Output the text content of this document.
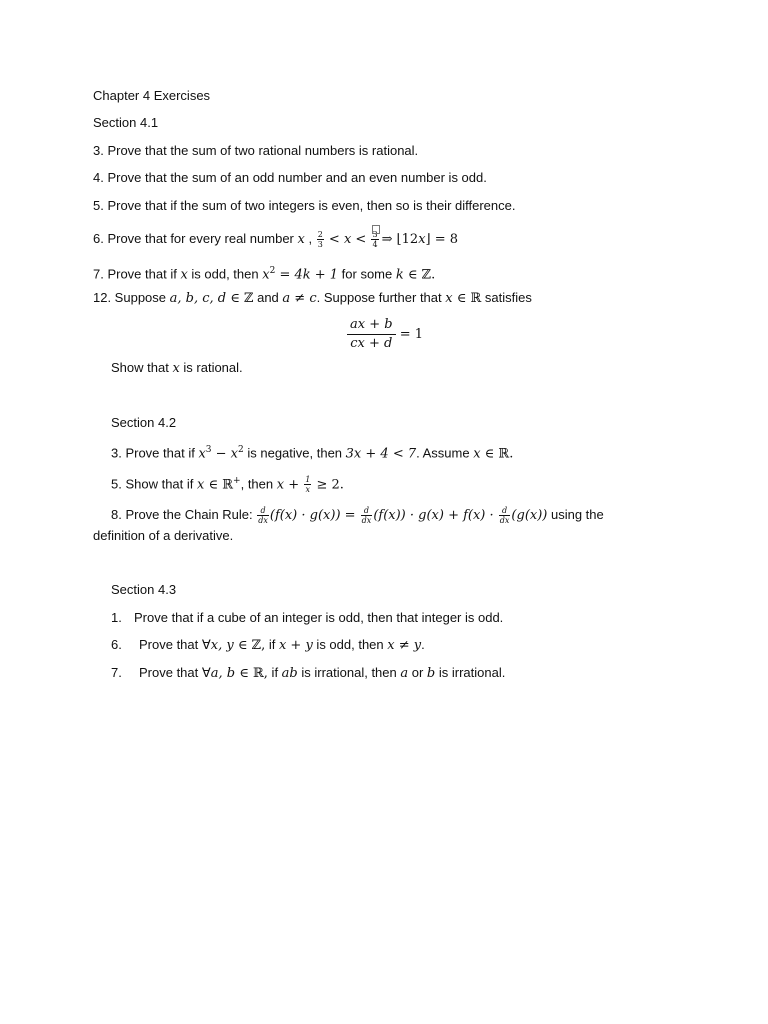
Chapter 4 Exercises
Section 4.1
3. Prove that the sum of two rational numbers is rational.
4. Prove that the sum of an odd number and an even number is odd.
5. Prove that if the sum of two integers is even, then so is their difference.
6. Prove that for every real number x , $\frac{2}{3} < x < \frac{3}{4}$ ⇒ ⌊12x⌋ = 8
7. Prove that if x is odd, then $x^2 = 4k + 1$ for some k ∈ ℤ.
12. Suppose a, b, c, d ∈ ℤ and a ≠ c. Suppose further that x ∈ ℝ satisfies
$\frac{ax + b}{cx + d} = 1$
Show that x is rational.
Section 4.2
3. Prove that if $x^3 - x^2$ is negative, then 3x + 4 < 7. Assume x ∈ ℝ.
5. Show that if x ∈ ℝ+, then $x + \frac{1}{x} \ge 2$.
8. Prove the Chain Rule: $\frac{d}{dx} (f(x) \cdot g(x)) = \frac{d}{dx} (f(x)) \cdot g(x) + f(x) \cdot \frac{d}{dx} (g(x))$ using the
definition of a derivative.
Section 4.3
1. Prove that if a cube of an integer is odd, then that integer is odd.
6. Prove that ∀x, y ∈ ℤ, if x + y is odd, then x ≠ y.
7. Prove that ∀a, b ∈ ℝ, if ab is irrational, then a or b is irrational.
